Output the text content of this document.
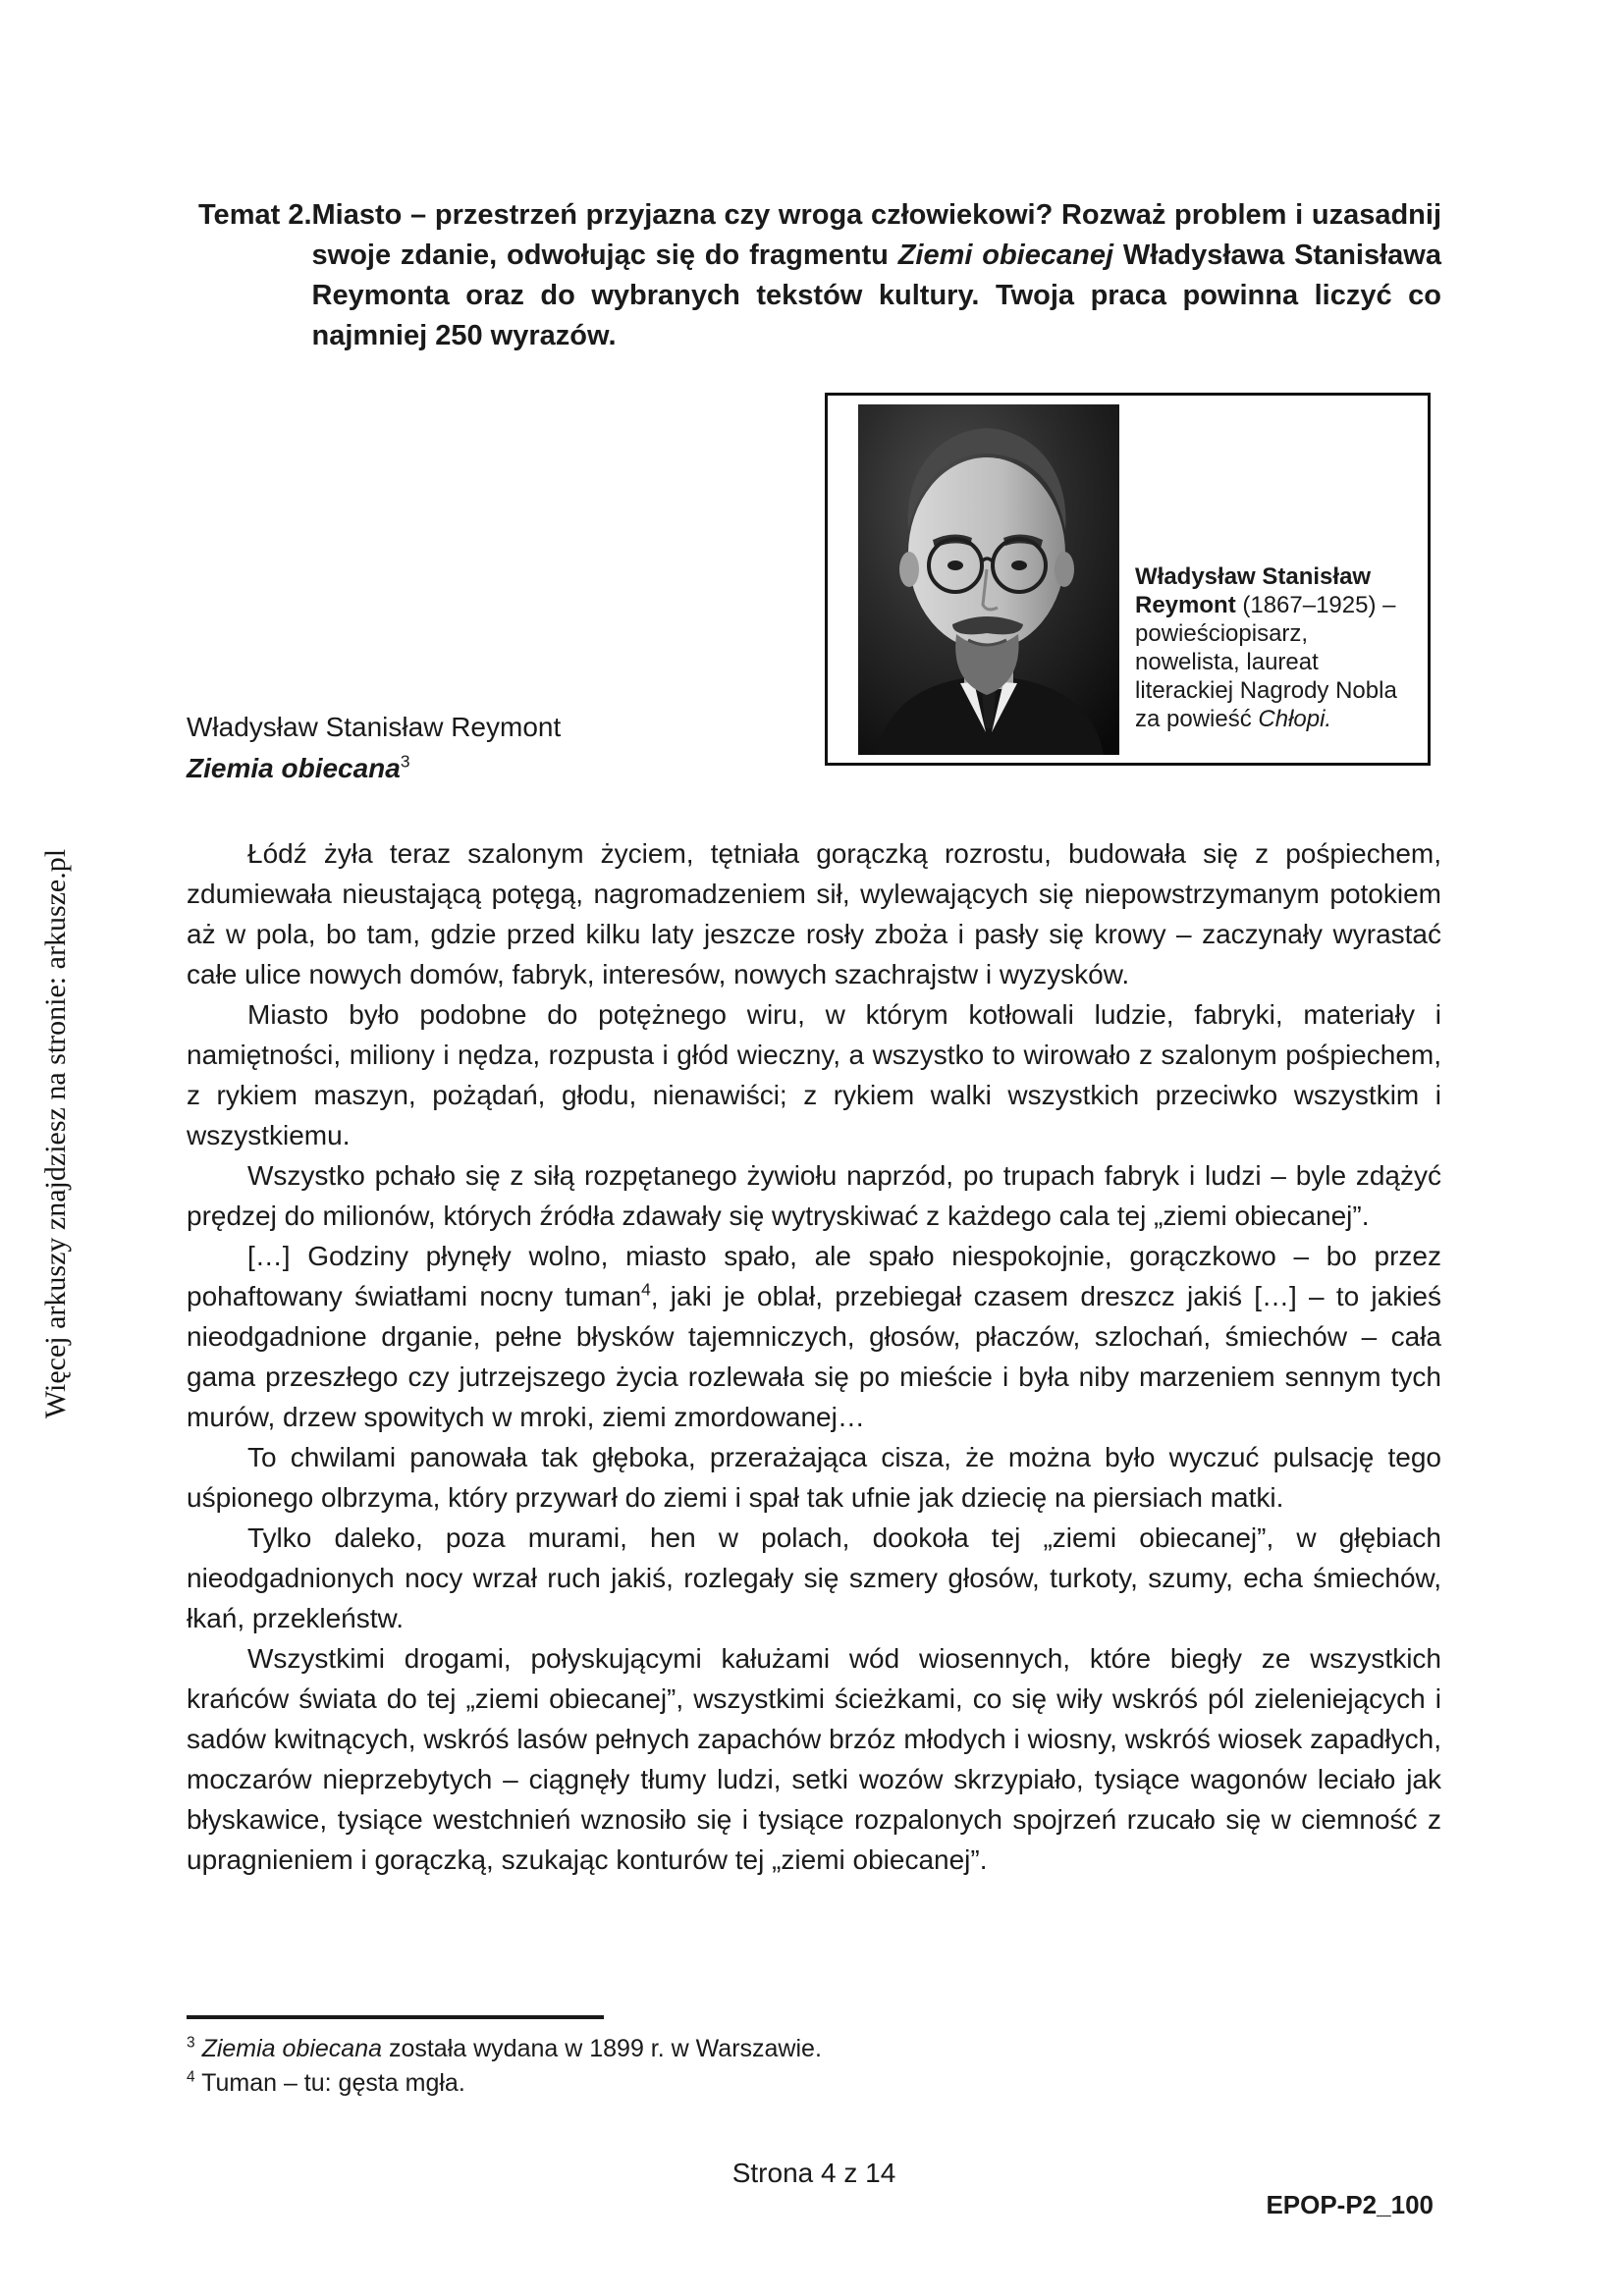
Więcej arkuszy znajdziesz na stronie: arkusze.pl
Temat 2. Miasto – przestrzeń przyjazna czy wroga człowiekowi? Rozważ problem i uzasadnij swoje zdanie, odwołując się do fragmentu Ziemi obiecanej Władysława Stanisława Reymonta oraz do wybranych tekstów kultury. Twoja praca powinna liczyć co najmniej 250 wyrazów.
Władysław Stanisław Reymont (1867–1925) – powieściopisarz, nowelista, laureat literackiej Nagrody Nobla za powieść Chłopi.
Władysław Stanisław Reymont
Ziemia obiecana$^3$

Łódź żyła teraz szalonym życiem, tętniała gorączką rozrostu, budowała się z pośpiechem, zdumiewała nieustającą potęgą, nagromadzeniem sił, wylewających się niepowstrzymanym potokiem aż w pola, bo tam, gdzie przed kilku laty jeszcze rosły zboża i pasły się krowy – zaczynały wyrastać całe ulice nowych domów, fabryk, interesów, nowych szachrajstw i wyzysków.

Miasto było podobne do potężnego wiru, w którym kotłowali ludzie, fabryki, materiały i namiętności, miliony i nędza, rozpusta i głód wieczny, a wszystko to wirowało z szalonym pośpiechem, z rykiem maszyn, pożądań, głodu, nienawiści; z rykiem walki wszystkich przeciwko wszystkim i wszystkiemu.

Wszystko pchało się z siłą rozpętanego żywiołu naprzód, po trupach fabryk i ludzi – byle zdążyć prędzej do milionów, których źródła zdawały się wytryskiwać z każdego cala tej „ziemi obiecanej”.

[…] Godziny płynęły wolno, miasto spało, ale spało niespokojnie, gorączkowo – bo przez pohaftowany światłami nocny tuman$^4$, jaki je oblał, przebiegał czasem dreszcz jakiś […] – to jakieś nieodgadnione drganie, pełne błysków tajemniczych, głosów, płaczów, szlochań, śmiechów – cała gama przeszłego czy jutrzejszego życia rozlewała się po mieście i była niby marzeniem sennym tych murów, drzew spowitych w mroki, ziemi zmordowanej…

To chwilami panowała tak głęboka, przerażająca cisza, że można było wyczuć pulsację tego uśpionego olbrzyma, który przywarł do ziemi i spał tak ufnie jak dziecię na piersiach matki.

Tylko daleko, poza murami, hen w polach, dookoła tej „ziemi obiecanej”, w głębiach nieodgadnionych nocy wrzał ruch jakiś, rozlegały się szmery głosów, turkoty, szumy, echa śmiechów, łkań, przekleństw.

Wszystkimi drogami, połyskującymi kałużami wód wiosennych, które biegły ze wszystkich krańców świata do tej „ziemi obiecanej”, wszystkimi ścieżkami, co się wiły wskróś pól zieleniejących i sadów kwitnących, wskróś lasów pełnych zapachów brzóz młodych i wiosny, wskróś wiosek zapadłych, moczarów nieprzebytych – ciągnęły tłumy ludzi, setki wozów skrzypiało, tysiące wagonów leciało jak błyskawice, tysiące westchnień wznosiło się i tysiące rozpalonych spojrzeń rzucało się w ciemność z upragnieniem i gorączką, szukając konturów tej „ziemi obiecanej”.

$^3$ Ziemia obiecana została wydana w 1899 r. w Warszawie.

$^4$ Tuman – tu: gęsta mgła.

Strona 4 z 14
EPOP-P2_100
